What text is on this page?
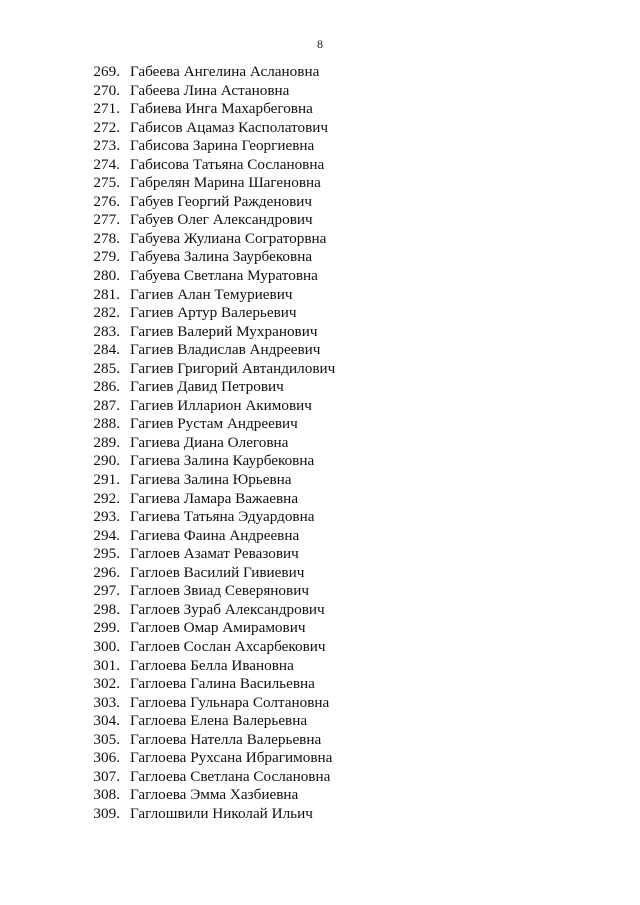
8
269. Габеева Ангелина Аслановна
270. Габеева Лина Астановна
271. Габиева Инга Махарбеговна
272. Габисов Ацамаз Касполатович
273. Габисова Зарина Георгиевна
274. Габисова Татьяна Сослановна
275. Габрелян Марина Шагеновна
276. Габуев Георгий Ражденович
277. Габуев Олег Александрович
278. Габуева Жулиана Сограторвна
279. Габуева Залина Заурбековна
280. Габуева Светлана Муратовна
281. Гагиев Алан Темуриевич
282. Гагиев Артур Валерьевич
283. Гагиев Валерий Мухранович
284. Гагиев Владислав Андреевич
285. Гагиев Григорий Автандилович
286. Гагиев Давид Петрович
287. Гагиев Илларион Акимович
288. Гагиев Рустам Андреевич
289. Гагиева Диана Олеговна
290. Гагиева Залина Каурбековна
291. Гагиева Залина Юрьевна
292. Гагиева Ламара Важаевна
293. Гагиева Татьяна Эдуардовна
294. Гагиева Фаина Андреевна
295. Гаглоев Азамат Ревазович
296. Гаглоев Василий Гивиевич
297. Гаглоев Звиад Северянович
298. Гаглоев Зураб Александрович
299. Гаглоев Омар Амирамович
300. Гаглоев Сослан Ахсарбекович
301. Гаглоева Белла Ивановна
302. Гаглоева Галина Васильевна
303. Гаглоева Гульнара Солтановна
304. Гаглоева Елена Валерьевна
305. Гаглоева Нателла Валерьевна
306. Гаглоева Рухсана Ибрагимовна
307. Гаглоева Светлана Сослановна
308. Гаглоева Эмма Хазбиевна
309. Гаглошвили Николай Ильич
